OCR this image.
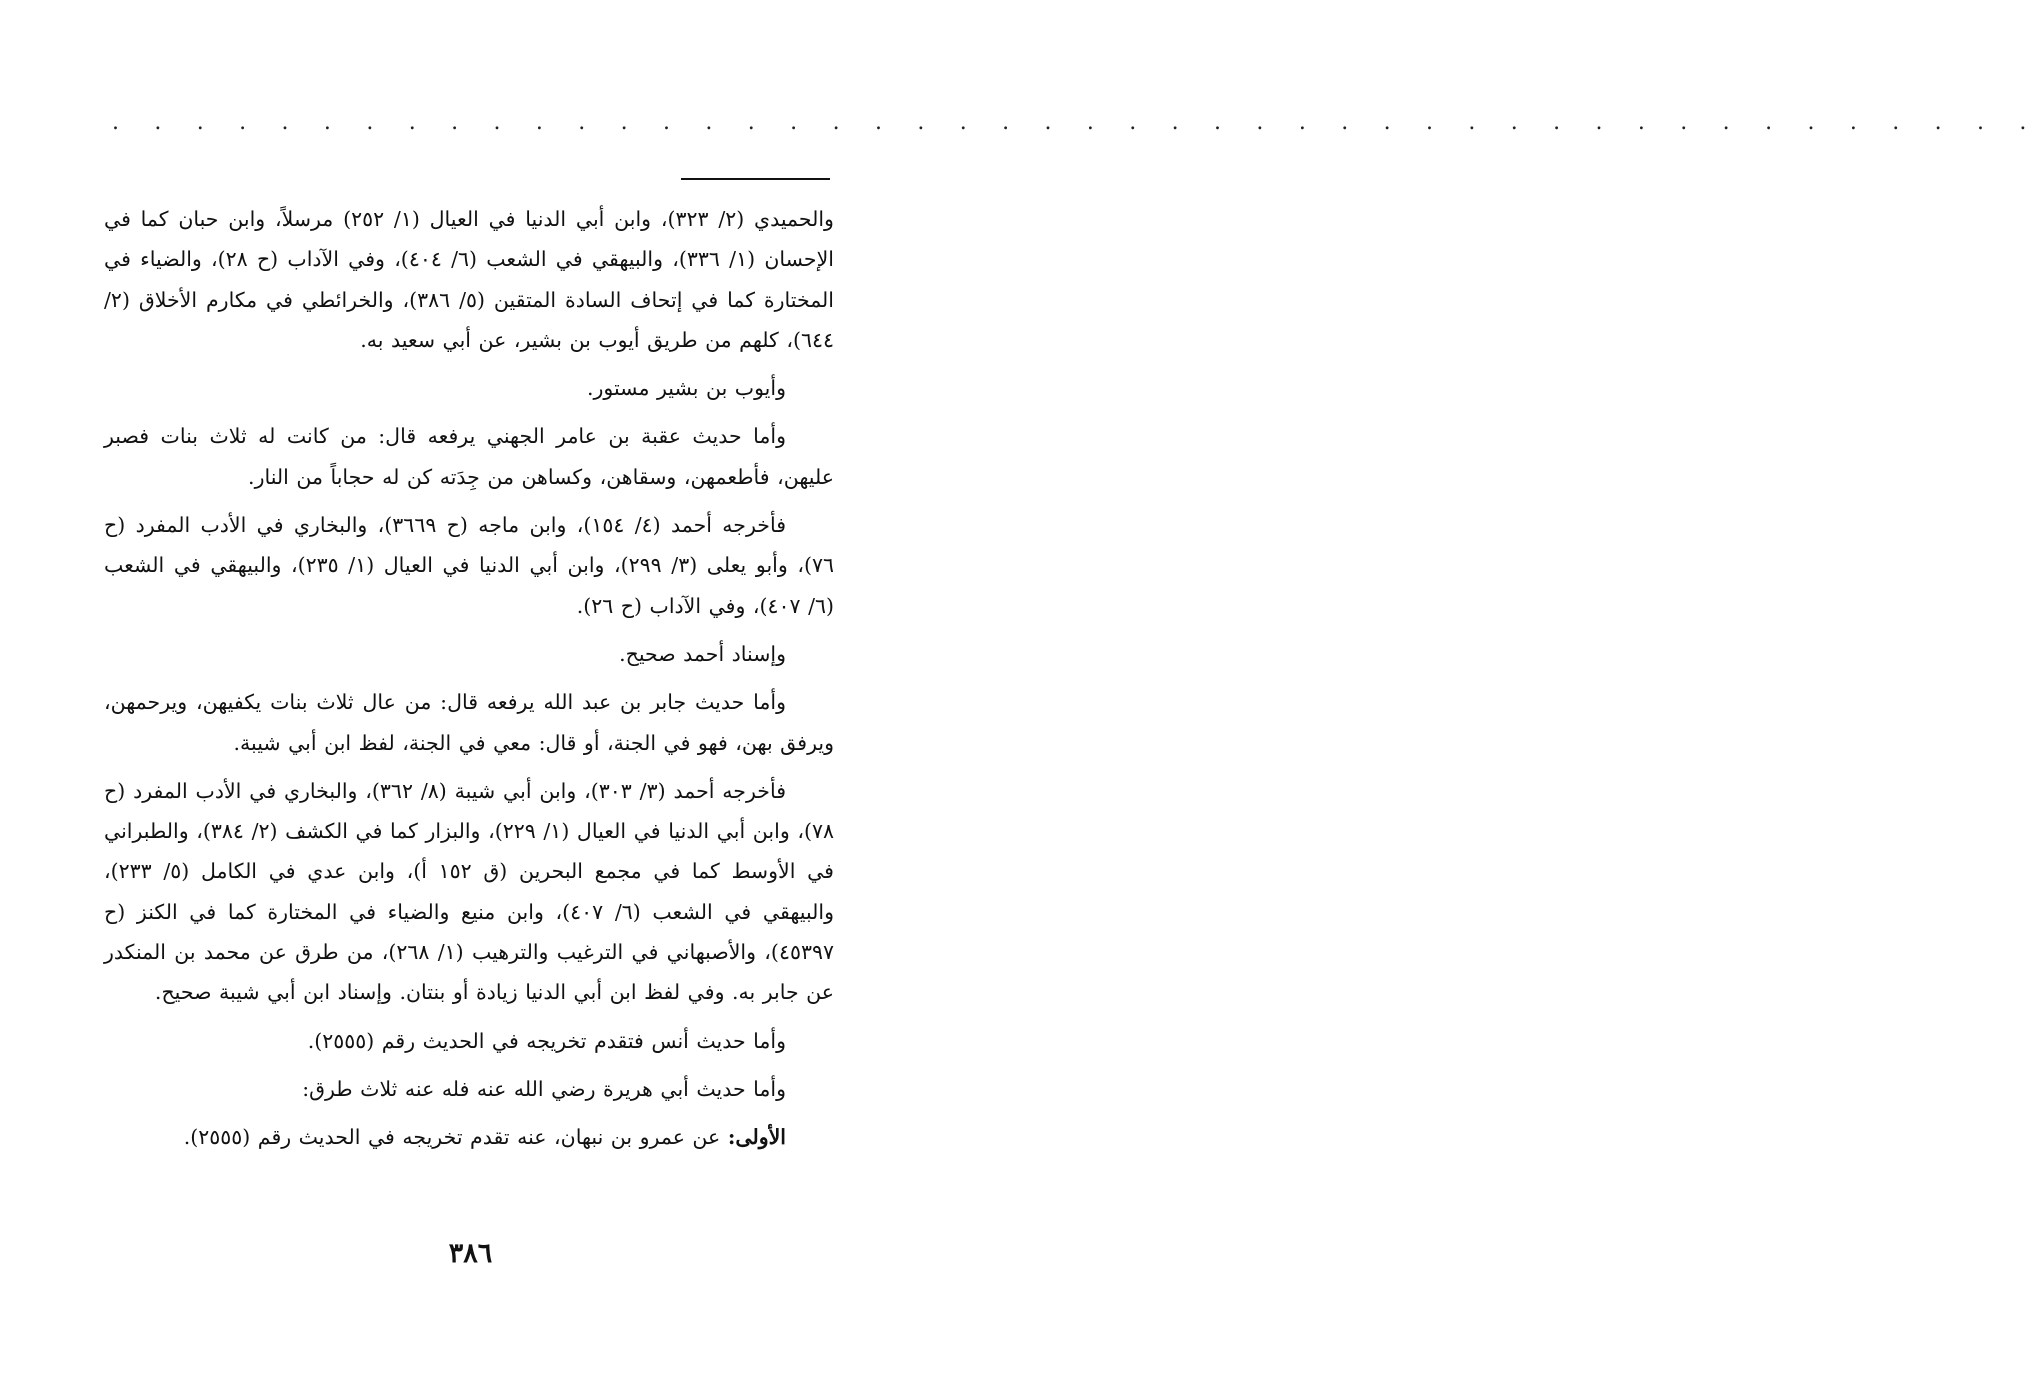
. . . . . . . . . . . . . . . . . . . . . . . . . . . . . . . . . . . . . . . . . . . . . .

والحميدي (٢/ ٣٢٣)، وابن أبي الدنيا في العيال (١/ ٢٥٢) مرسلاً، وابن حبان كما في الإحسان (١/ ٣٣٦)، والبيهقي في الشعب (٦/ ٤٠٤)، وفي الآداب (ح ٢٨)، والضياء في المختارة كما في إتحاف السادة المتقين (٥/ ٣٨٦)، والخرائطي في مكارم الأخلاق (٢/ ٦٤٤)، كلهم من طريق أيوب بن بشير، عن أبي سعيد به.

وأيوب بن بشير مستور.

وأما حديث عقبة بن عامر الجهني يرفعه قال: من كانت له ثلاث بنات فصبر عليهن، فأطعمهن، وسقاهن، وكساهن من جِدَته كن له حجاباً من النار.

فأخرجه أحمد (٤/ ١٥٤)، وابن ماجه (ح ٣٦٦٩)، والبخاري في الأدب المفرد (ح ٧٦)، وأبو يعلى (٣/ ٢٩٩)، وابن أبي الدنيا في العيال (١/ ٢٣٥)، والبيهقي في الشعب (٦/ ٤٠٧)، وفي الآداب (ح ٢٦).

وإسناد أحمد صحيح.

وأما حديث جابر بن عبد الله يرفعه قال: من عال ثلاث بنات يكفيهن، ويرحمهن، ويرفق بهن، فهو في الجنة، أو قال: معي في الجنة، لفظ ابن أبي شيبة.

فأخرجه أحمد (٣/ ٣٠٣)، وابن أبي شيبة (٨/ ٣٦٢)، والبخاري في الأدب المفرد (ح ٧٨)، وابن أبي الدنيا في العيال (١/ ٢٢٩)، والبزار كما في الكشف (٢/ ٣٨٤)، والطبراني في الأوسط كما في مجمع البحرين (ق ١٥٢ أ)، وابن عدي في الكامل (٥/ ٢٣٣)، والبيهقي في الشعب (٦/ ٤٠٧)، وابن منيع والضياء في المختارة كما في الكنز (ح ٤٥٣٩٧)، والأصبهاني في الترغيب والترهيب (١/ ٢٦٨)، من طرق عن محمد بن المنكدر عن جابر به. وفي لفظ ابن أبي الدنيا زيادة أو بنتان. وإسناد ابن أبي شيبة صحيح.

وأما حديث أنس فتقدم تخريجه في الحديث رقم (٢٥٥٥).

وأما حديث أبي هريرة رضي الله عنه فله عنه ثلاث طرق:

الأولى: عن عمرو بن نبهان، عنه تقدم تخريجه في الحديث رقم (٢٥٥٥).

٣٨٦
